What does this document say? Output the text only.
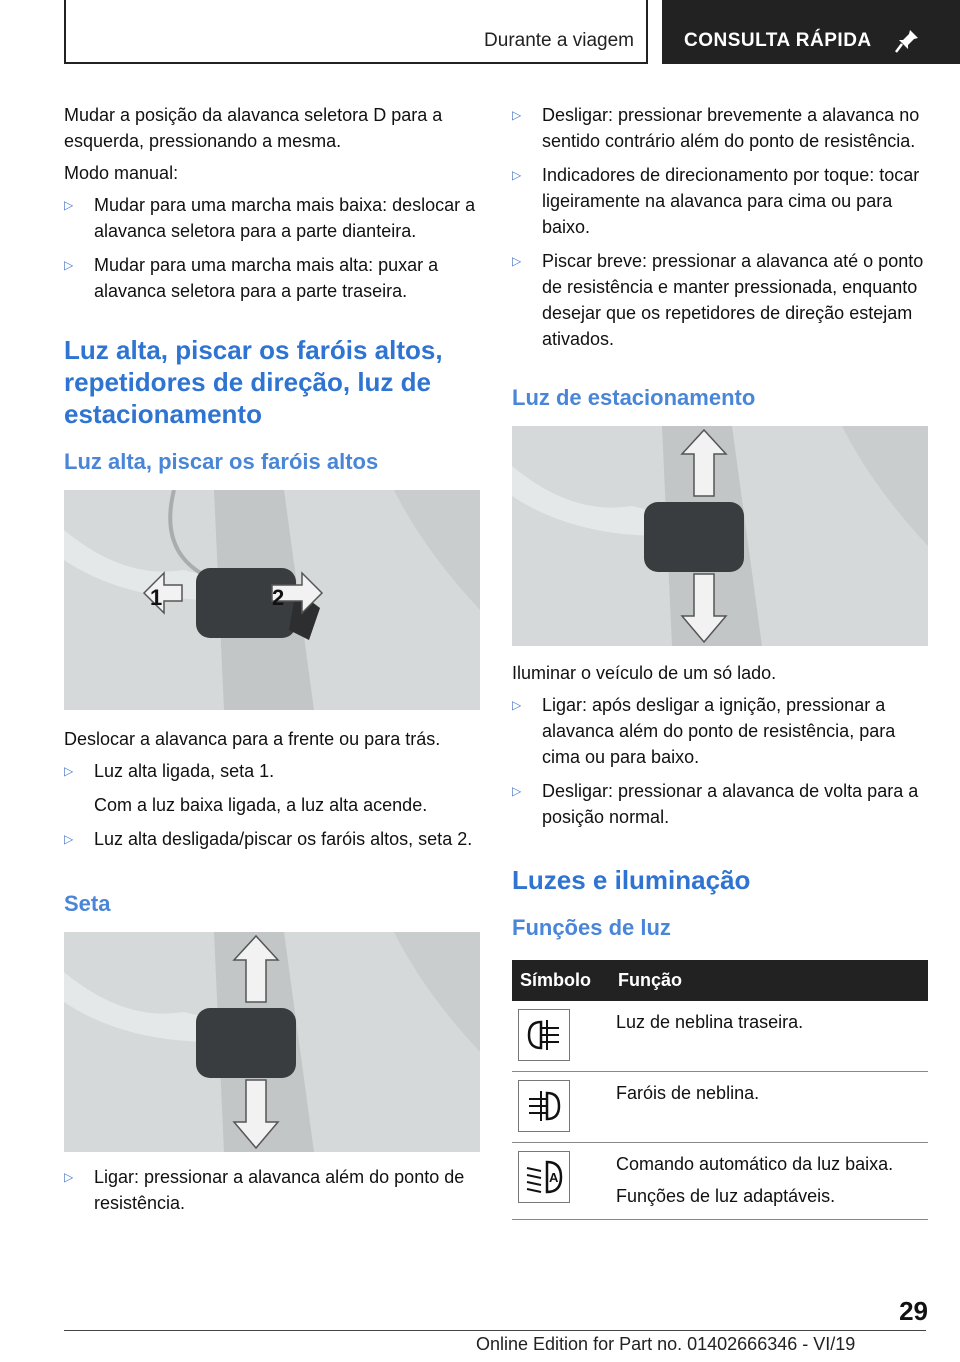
Durante a viagem	CONSULTA RÁPIDA

Mudar a posição da alavanca seletora D para a esquerda, pressionando a mesma.

Modo manual:

▷ Mudar para uma marcha mais baixa: deslocar a alavanca seletora para a parte dianteira.
▷ Mudar para uma marcha mais alta: puxar a alavanca seletora para a parte traseira.
Luz alta, piscar os faróis altos, repetidores de direção, luz de estacionamento
Luz alta, piscar os faróis altos
1	2

Deslocar a alavanca para a frente ou para trás.

▷ Luz alta ligada, seta 1.
Com a luz baixa ligada, a luz alta acende.
▷ Luz alta desligada/piscar os faróis altos, seta 2.
Seta
▷ Ligar: pressionar a alavanca além do ponto de resistência.
▷ Desligar: pressionar brevemente a alavanca no sentido contrário além do ponto de resistência.
▷ Indicadores de direcionamento por toque: tocar ligeiramente na alavanca para cima ou para baixo.
▷ Piscar breve: pressionar a alavanca até o ponto de resistência e manter pressionada, enquanto desejar que os repetidores de direção estejam ativados.
Luz de estacionamento

Iluminar o veículo de um só lado.

▷ Ligar: após desligar a ignição, pressionar a alavanca além do ponto de resistência, para cima ou para baixo.
▷ Desligar: pressionar a alavanca de volta para a posição normal.
Luzes e iluminação
Funções de luz
Símbolo	Função

	Luz de neblina traseira.

	Faróis de neblina.

A	Comando automático da luz baixa.
Funções de luz adaptáveis.
29
Online Edition for Part no. 01402666346 - VI/19
